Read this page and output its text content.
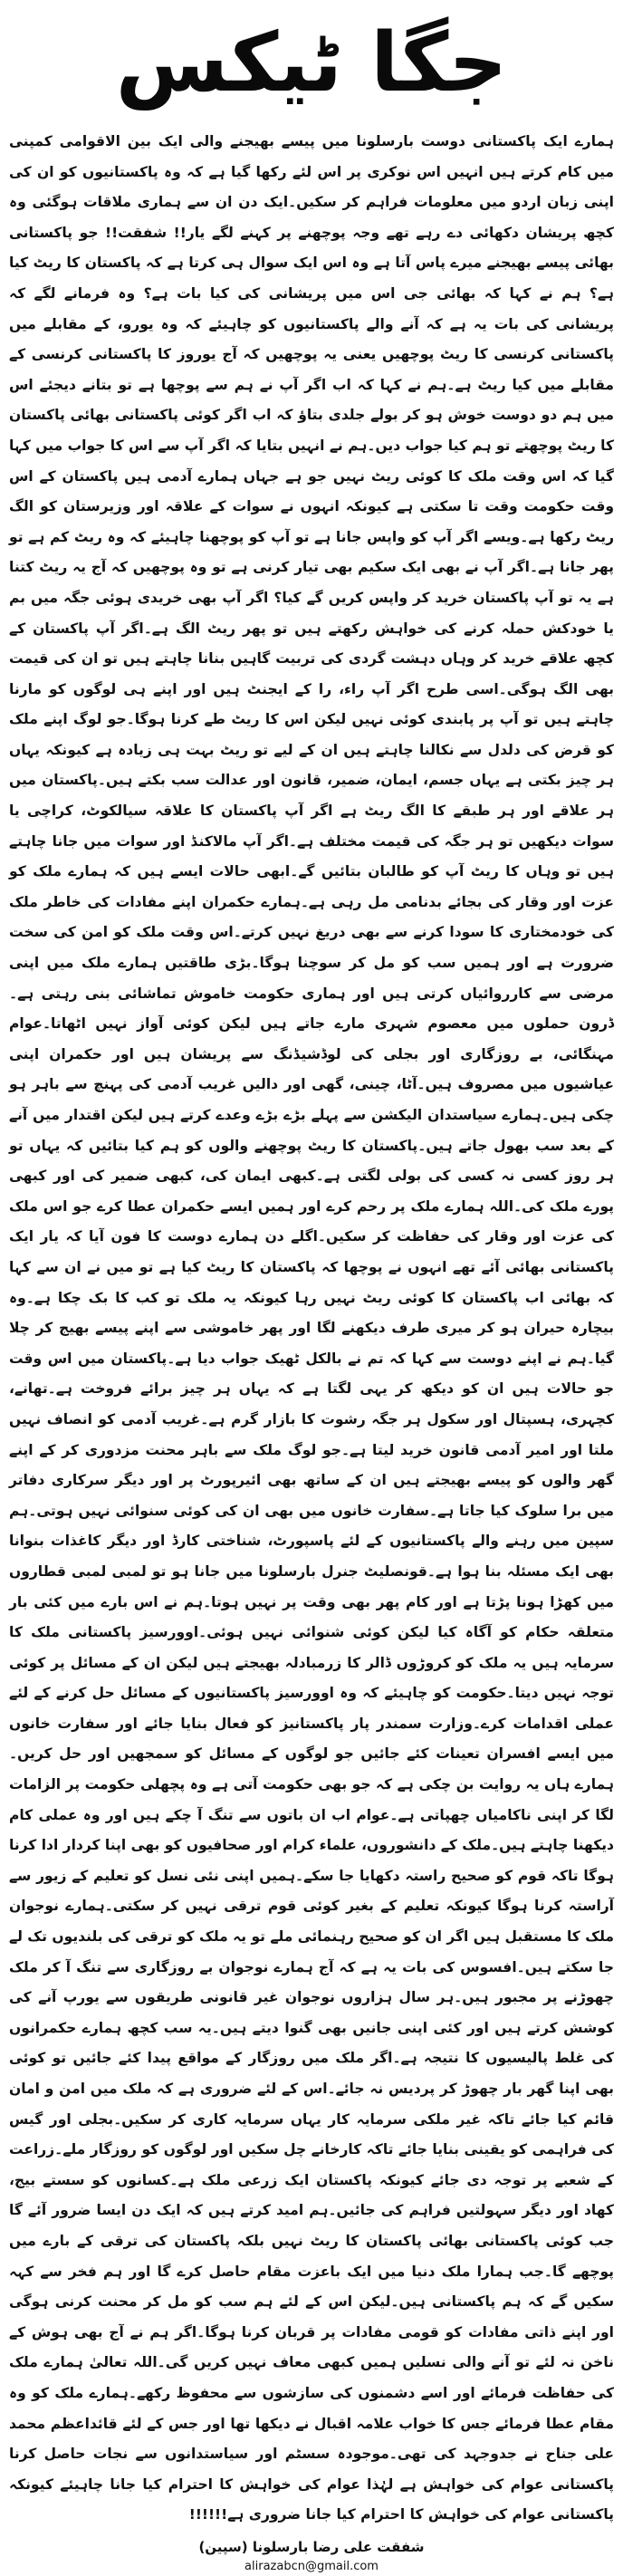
جگا ٹیکس
ہمارے ایک پاکستانی دوست بارسلونا میں پیسے بھیجنے والی ایک بین الاقوامی کمپنی میں کام کرتے ہیں انہیں اس نوکری پر اس لئے رکھا گیا ہے کہ وہ پاکستانیوں کو ان کی اپنی زبان اردو میں معلومات فراہم کر سکیں۔ایک دن ان سے ہماری ملاقات ہوگئی وہ کچھ پریشان دکھائی دے رہے تھے وجہ پوچھنے پر کہنے لگے یار!! شفقت!! جو پاکستانی بھائی پیسے بھیجنے میرے پاس آتا ہے وہ اس ایک سوال ہی کرتا ہے کہ پاکستان کا ریٹ کیا ہے؟ ہم نے کہا کہ بھائی جی اس میں پریشانی کی کیا بات ہے؟ وہ فرمانے لگے کہ پریشانی کی بات یہ ہے کہ آنے والے پاکستانیوں کو چاہیئے کہ وہ یورو، کے مقابلے میں پاکستانی کرنسی کا ریٹ پوچھیں یعنی یہ پوچھیں کہ آج یوروز کا پاکستانی کرنسی کے مقابلے میں کیا ریٹ ہے۔ہم نے کہا کہ اب اگر آپ نے ہم سے پوچھا ہے تو بتانے دیجئے اس میں ہم دو دوست خوش ہو کر بولے جلدی بتاؤ کہ اب اگر کوئی پاکستانی بھائی پاکستان کا ریٹ پوچھتے تو ہم کیا جواب دیں۔ہم نے انہیں بتایا کہ اگر آپ سے اس کا جواب میں کہا گیا کہ اس وقت ملک کا کوئی ریٹ نہیں جو ہے جہاں ہمارے آدمی ہیں پاکستان کے اس وقت حکومت وقت تا سکتی ہے کیونکہ انہوں نے سوات کے علاقہ اور وزیرستان کو الگ ریٹ رکھا ہے۔ویسے اگر آپ کو واپس جانا ہے تو آپ کو پوچھنا چاہیئے کہ وہ ریٹ کم ہے تو پھر جانا ہے۔اگر آپ نے بھی ایک سکیم بھی تیار کرنی ہے تو وہ پوچھیں کہ آج یہ ریٹ کتنا ہے یہ تو آپ پاکستان خرید کر واپس کریں گے کیا؟ اگر آپ بھی خریدی ہوئی جگہ میں بم یا خودکش حملہ کرنے کی خواہش رکھتے ہیں تو پھر ریٹ الگ ہے۔اگر آپ پاکستان کے کچھ علاقے خرید کر وہاں دہشت گردی کی تربیت گاہیں بنانا چاہتے ہیں تو ان کی قیمت بھی الگ ہوگی۔اسی طرح اگر آپ راء، را کے ایجنٹ ہیں اور اپنے ہی لوگوں کو مارنا چاہتے ہیں تو آپ پر پابندی کوئی نہیں لیکن اس کا ریٹ طے کرنا ہوگا۔جو لوگ اپنے ملک کو قرض کی دلدل سے نکالنا چاہتے ہیں ان کے لیے تو ریٹ بہت ہی زیادہ ہے کیونکہ یہاں ہر چیز بکتی ہے یہاں جسم، ایمان، ضمیر، قانون اور عدالت سب بکتے ہیں۔پاکستان میں ہر علاقے اور ہر طبقے کا الگ ریٹ ہے اگر آپ پاکستان کا علاقہ سیالکوٹ، کراچی یا سوات دیکھیں تو ہر جگہ کی قیمت مختلف ہے۔اگر آپ مالاکنڈ اور سوات میں جانا چاہتے ہیں تو وہاں کا ریٹ آپ کو طالبان بتائیں گے۔ابھی حالات ایسے ہیں کہ ہمارے ملک کو عزت اور وقار کی بجائے بدنامی مل رہی ہے۔ہمارے حکمران اپنے مفادات کی خاطر ملک کی خودمختاری کا سودا کرنے سے بھی دریغ نہیں کرتے۔اس وقت ملک کو امن کی سخت ضرورت ہے اور ہمیں سب کو مل کر سوچنا ہوگا۔بڑی طاقتیں ہمارے ملک میں اپنی مرضی سے کارروائیاں کرتی ہیں اور ہماری حکومت خاموش تماشائی بنی رہتی ہے۔ڈرون حملوں میں معصوم شہری مارے جاتے ہیں لیکن کوئی آواز نہیں اٹھاتا۔عوام مہنگائی، بے روزگاری اور بجلی کی لوڈشیڈنگ سے پریشان ہیں اور حکمران اپنی عیاشیوں میں مصروف ہیں۔آٹا، چینی، گھی اور دالیں غریب آدمی کی پہنچ سے باہر ہو چکی ہیں۔ہمارے سیاستدان الیکشن سے پہلے بڑے بڑے وعدے کرتے ہیں لیکن اقتدار میں آنے کے بعد سب بھول جاتے ہیں۔پاکستان کا ریٹ پوچھنے والوں کو ہم کیا بتائیں کہ یہاں تو ہر روز کسی نہ کسی کی بولی لگتی ہے۔کبھی ایمان کی، کبھی ضمیر کی اور کبھی پورے ملک کی۔اللہ ہمارے ملک پر رحم کرے اور ہمیں ایسے حکمران عطا کرے جو اس ملک کی عزت اور وقار کی حفاظت کر سکیں۔اگلے دن ہمارے دوست کا فون آیا کہ یار ایک پاکستانی بھائی آئے تھے انہوں نے پوچھا کہ پاکستان کا ریٹ کیا ہے تو میں نے ان سے کہا کہ بھائی اب پاکستان کا کوئی ریٹ نہیں رہا کیونکہ یہ ملک تو کب کا بک چکا ہے۔وہ بیچارہ حیران ہو کر میری طرف دیکھنے لگا اور پھر خاموشی سے اپنے پیسے بھیج کر چلا گیا۔ہم نے اپنے دوست سے کہا کہ تم نے بالکل ٹھیک جواب دیا ہے۔پاکستان میں اس وقت جو حالات ہیں ان کو دیکھ کر یہی لگتا ہے کہ یہاں ہر چیز برائے فروخت ہے۔تھانے، کچہری، ہسپتال اور سکول ہر جگہ رشوت کا بازار گرم ہے۔غریب آدمی کو انصاف نہیں ملتا اور امیر آدمی قانون خرید لیتا ہے۔جو لوگ ملک سے باہر محنت مزدوری کر کے اپنے گھر والوں کو پیسے بھیجتے ہیں ان کے ساتھ بھی ائیرپورٹ پر اور دیگر سرکاری دفاتر میں برا سلوک کیا جاتا ہے۔سفارت خانوں میں بھی ان کی کوئی سنوائی نہیں ہوتی۔ہم سپین میں رہنے والے پاکستانیوں کے لئے پاسپورٹ، شناختی کارڈ اور دیگر کاغذات بنوانا بھی ایک مسئلہ بنا ہوا ہے۔قونصلیٹ جنرل بارسلونا میں جانا ہو تو لمبی لمبی قطاروں میں کھڑا ہونا پڑتا ہے اور کام پھر بھی وقت پر نہیں ہوتا۔ہم نے اس بارے میں کئی بار متعلقہ حکام کو آگاہ کیا لیکن کوئی شنوائی نہیں ہوئی۔اوورسیز پاکستانی ملک کا سرمایہ ہیں یہ ملک کو کروڑوں ڈالر کا زرمبادلہ بھیجتے ہیں لیکن ان کے مسائل پر کوئی توجہ نہیں دیتا۔حکومت کو چاہیئے کہ وہ اوورسیز پاکستانیوں کے مسائل حل کرنے کے لئے عملی اقدامات کرے۔وزارت سمندر پار پاکستانیز کو فعال بنایا جائے اور سفارت خانوں میں ایسے افسران تعینات کئے جائیں جو لوگوں کے مسائل کو سمجھیں اور حل کریں۔ہمارے ہاں یہ روایت بن چکی ہے کہ جو بھی حکومت آتی ہے وہ پچھلی حکومت پر الزامات لگا کر اپنی ناکامیاں چھپاتی ہے۔عوام اب ان باتوں سے تنگ آ چکے ہیں اور وہ عملی کام دیکھنا چاہتے ہیں۔ملک کے دانشوروں، علماء کرام اور صحافیوں کو بھی اپنا کردار ادا کرنا ہوگا تاکہ قوم کو صحیح راستہ دکھایا جا سکے۔ہمیں اپنی نئی نسل کو تعلیم کے زیور سے آراستہ کرنا ہوگا کیونکہ تعلیم کے بغیر کوئی قوم ترقی نہیں کر سکتی۔ہمارے نوجوان ملک کا مستقبل ہیں اگر ان کو صحیح رہنمائی ملے تو یہ ملک کو ترقی کی بلندیوں تک لے جا سکتے ہیں۔افسوس کی بات یہ ہے کہ آج ہمارے نوجوان بے روزگاری سے تنگ آ کر ملک چھوڑنے پر مجبور ہیں۔ہر سال ہزاروں نوجوان غیر قانونی طریقوں سے یورپ آنے کی کوشش کرتے ہیں اور کئی اپنی جانیں بھی گنوا دیتے ہیں۔یہ سب کچھ ہمارے حکمرانوں کی غلط پالیسیوں کا نتیجہ ہے۔اگر ملک میں روزگار کے مواقع پیدا کئے جائیں تو کوئی بھی اپنا گھر بار چھوڑ کر پردیس نہ جائے۔اس کے لئے ضروری ہے کہ ملک میں امن و امان قائم کیا جائے تاکہ غیر ملکی سرمایہ کار یہاں سرمایہ کاری کر سکیں۔بجلی اور گیس کی فراہمی کو یقینی بنایا جائے تاکہ کارخانے چل سکیں اور لوگوں کو روزگار ملے۔زراعت کے شعبے پر توجہ دی جائے کیونکہ پاکستان ایک زرعی ملک ہے۔کسانوں کو سستے بیج، کھاد اور دیگر سہولتیں فراہم کی جائیں۔ہم امید کرتے ہیں کہ ایک دن ایسا ضرور آئے گا جب کوئی پاکستانی بھائی پاکستان کا ریٹ نہیں بلکہ پاکستان کی ترقی کے بارے میں پوچھے گا۔جب ہمارا ملک دنیا میں ایک باعزت مقام حاصل کرے گا اور ہم فخر سے کہہ سکیں گے کہ ہم پاکستانی ہیں۔لیکن اس کے لئے ہم سب کو مل کر محنت کرنی ہوگی اور اپنے ذاتی مفادات کو قومی مفادات پر قربان کرنا ہوگا۔اگر ہم نے آج بھی ہوش کے ناخن نہ لئے تو آنے والی نسلیں ہمیں کبھی معاف نہیں کریں گی۔اللہ تعالیٰ ہمارے ملک کی حفاظت فرمائے اور اسے دشمنوں کی سازشوں سے محفوظ رکھے۔ہمارے ملک کو وہ مقام عطا فرمائے جس کا خواب علامہ اقبال نے دیکھا تھا اور جس کے لئے قائداعظم محمد علی جناح نے جدوجہد کی تھی۔موجودہ سسٹم اور سیاستدانوں سے نجات حاصل کرنا پاکستانی عوام کی خواہش ہے لہٰذا عوام کی خواہش کا احترام کیا جانا چاہیئے کیونکہ پاکستانی عوام کی خواہش کا احترام کیا جانا ضروری ہے!!!!!!
شفقت علی رضا بارسلونا (سپین)
alirazabcn@gmail.com
